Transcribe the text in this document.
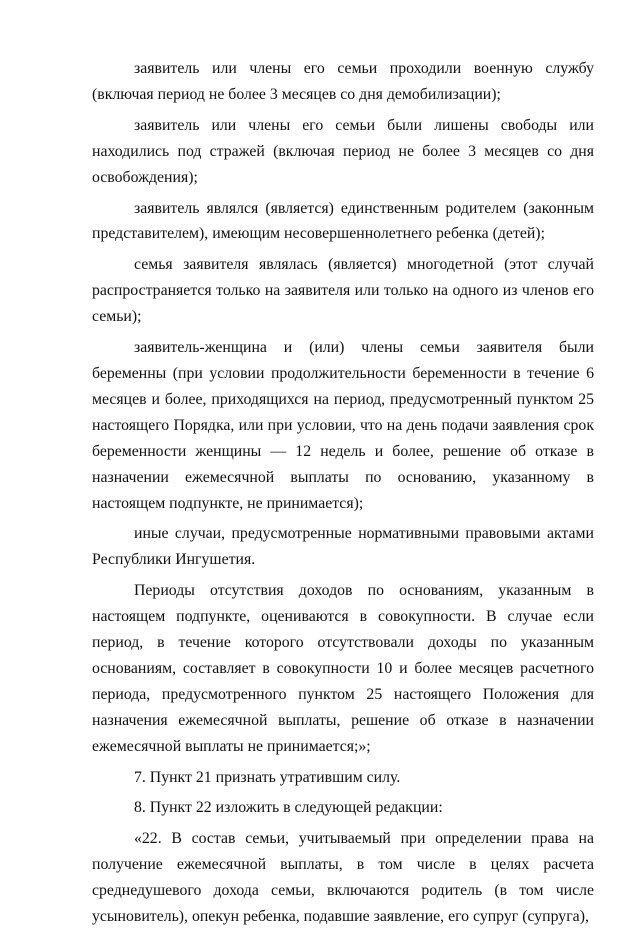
заявитель или члены его семьи проходили военную службу (включая период не более 3 месяцев со дня демобилизации);

заявитель или члены его семьи были лишены свободы или находились под стражей (включая период не более 3 месяцев со дня освобождения);

заявитель являлся (является) единственным родителем (законным представителем), имеющим несовершеннолетнего ребенка (детей);

семья заявителя являлась (является) многодетной (этот случай распространяется только на заявителя или только на одного из членов его семьи);

заявитель-женщина и (или) члены семьи заявителя были беременны (при условии продолжительности беременности в течение 6 месяцев и более, приходящихся на период, предусмотренный пунктом 25 настоящего Порядка, или при условии, что на день подачи заявления срок беременности женщины — 12 недель и более, решение об отказе в назначении ежемесячной выплаты по основанию, указанному в настоящем подпункте, не принимается);

иные случаи, предусмотренные нормативными правовыми актами Республики Ингушетия.

Периоды отсутствия доходов по основаниям, указанным в настоящем подпункте, оцениваются в совокупности. В случае если период, в течение которого отсутствовали доходы по указанным основаниям, составляет в совокупности 10 и более месяцев расчетного периода, предусмотренного пунктом 25 настоящего Положения для назначения ежемесячной выплаты, решение об отказе в назначении ежемесячной выплаты не принимается;»;

7. Пункт 21 признать утратившим силу.

8. Пункт 22 изложить в следующей редакции:

«22. В состав семьи, учитываемый при определении права на получение ежемесячной выплаты, в том числе в целях расчета среднедушевого дохода семьи, включаются родитель (в том числе усыновитель), опекун ребенка, подавшие заявление, его супруг (супруга),
